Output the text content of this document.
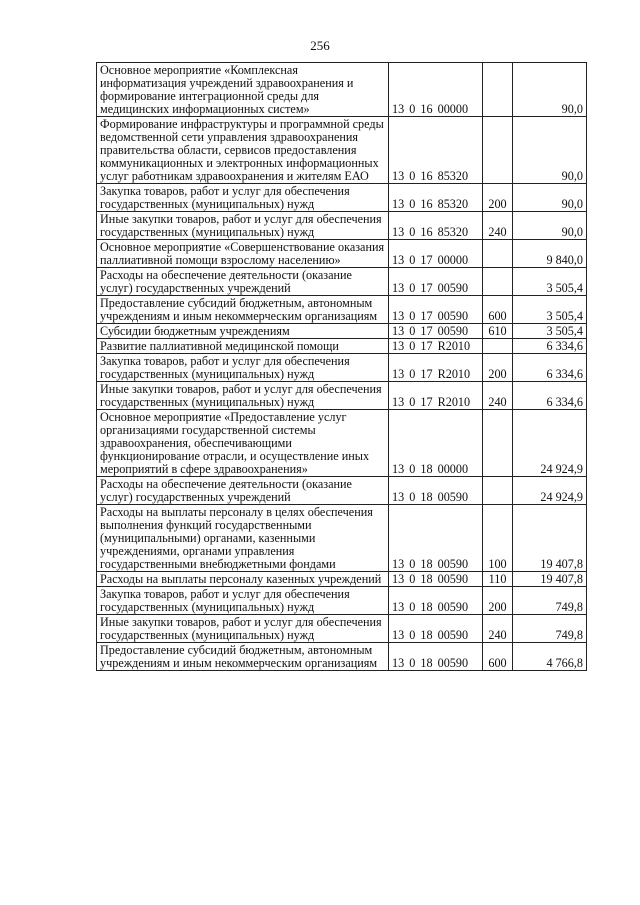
256
Основное мероприятие «Комплексная информатизация учреждений здравоохранения и формирование интеграционной среды для медицинских информационных систем»	13 0 16 00000		90,0
Формирование инфраструктуры и программной среды ведомственной сети управления здравоохранения правительства области, сервисов предоставления коммуникационных и электронных информационных услуг работникам здравоохранения и жителям ЕАО	13 0 16 85320		90,0
Закупка товаров, работ и услуг для обеспечения государственных (муниципальных) нужд	13 0 16 85320	200	90,0
Иные закупки товаров, работ и услуг для обеспечения государственных (муниципальных) нужд	13 0 16 85320	240	90,0
Основное мероприятие «Совершенствование оказания паллиативной помощи взрослому населению»	13 0 17 00000		9 840,0
Расходы на обеспечение деятельности (оказание услуг) государственных учреждений	13 0 17 00590		3 505,4
Предоставление субсидий бюджетным, автономным учреждениям и иным некоммерческим организациям	13 0 17 00590	600	3 505,4
Субсидии бюджетным учреждениям	13 0 17 00590	610	3 505,4
Развитие паллиативной медицинской помощи	13 0 17 R2010		6 334,6
Закупка товаров, работ и услуг для обеспечения государственных (муниципальных) нужд	13 0 17 R2010	200	6 334,6
Иные закупки товаров, работ и услуг для обеспечения государственных (муниципальных) нужд	13 0 17 R2010	240	6 334,6
Основное мероприятие «Предоставление услуг организациями государственной системы здравоохранения, обеспечивающими функционирование отрасли, и осуществление иных мероприятий в сфере здравоохранения»	13 0 18 00000		24 924,9
Расходы на обеспечение деятельности (оказание услуг) государственных учреждений	13 0 18 00590		24 924,9
Расходы на выплаты персоналу в целях обеспечения выполнения функций государственными (муниципальными) органами, казенными учреждениями, органами управления государственными внебюджетными фондами	13 0 18 00590	100	19 407,8
Расходы на выплаты персоналу казенных учреждений	13 0 18 00590	110	19 407,8
Закупка товаров, работ и услуг для обеспечения государственных (муниципальных) нужд	13 0 18 00590	200	749,8
Иные закупки товаров, работ и услуг для обеспечения государственных (муниципальных) нужд	13 0 18 00590	240	749,8
Предоставление субсидий бюджетным, автономным учреждениям и иным некоммерческим организациям	13 0 18 00590	600	4 766,8
